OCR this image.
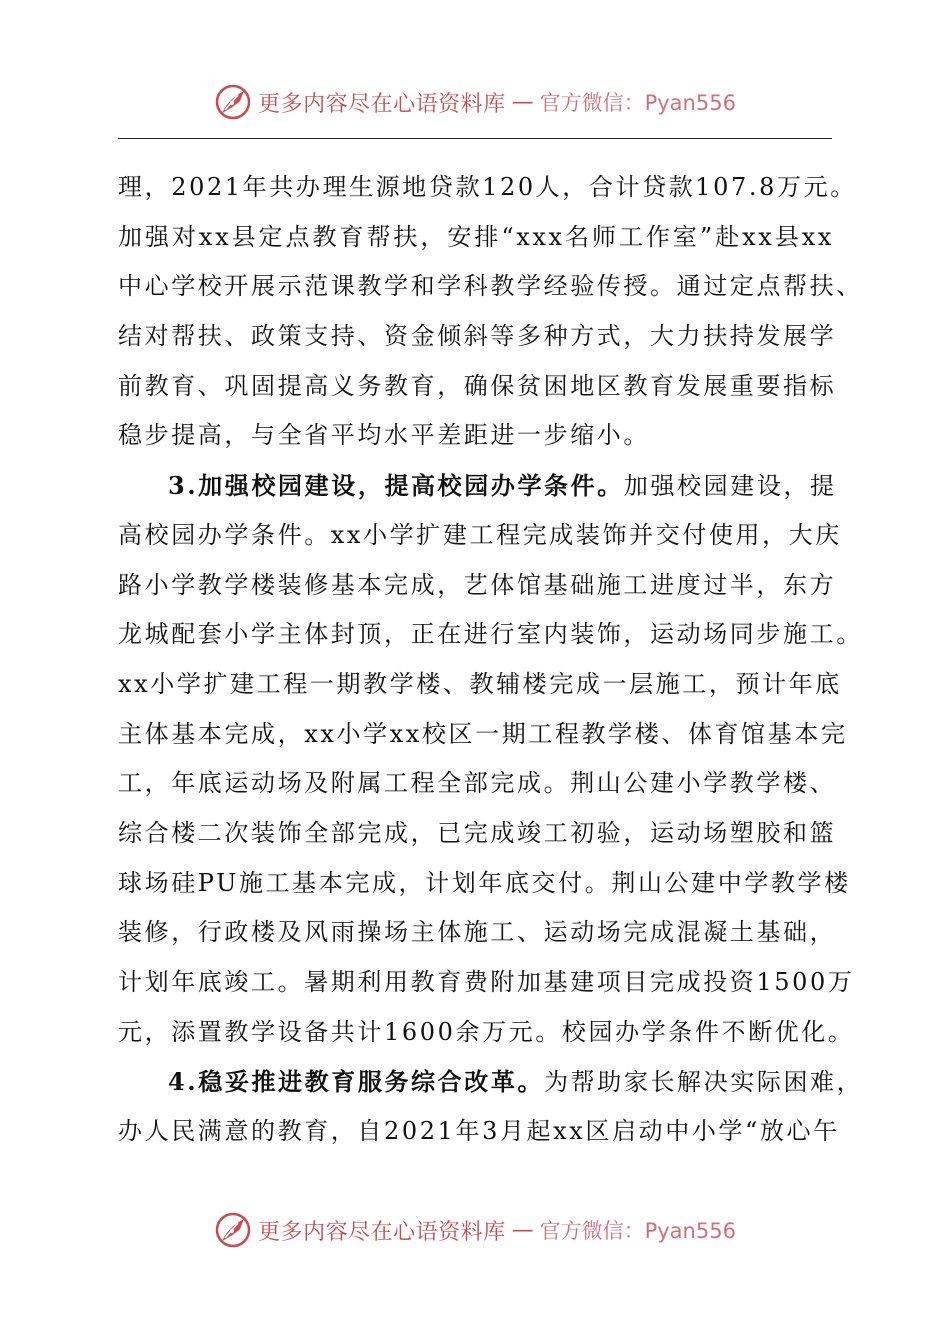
更多内容尽在心语资料库 — 官方微信：Pyan556
理，2021年共办理生源地贷款120人，合计贷款107.8万元。
加强对xx县定点教育帮扶，安排“xxx名师工作室”赴xx县xx
中心学校开展示范课教学和学科教学经验传授。通过定点帮扶、
结对帮扶、政策支持、资金倾斜等多种方式，大力扶持发展学
前教育、巩固提高义务教育，确保贫困地区教育发展重要指标
稳步提高，与全省平均水平差距进一步缩小。
3.加强校园建设，提高校园办学条件。加强校园建设，提
高校园办学条件。xx小学扩建工程完成装饰并交付使用，大庆
路小学教学楼装修基本完成，艺体馆基础施工进度过半，东方
龙城配套小学主体封顶，正在进行室内装饰，运动场同步施工。
xx小学扩建工程一期教学楼、教辅楼完成一层施工，预计年底
主体基本完成，xx小学xx校区一期工程教学楼、体育馆基本完
工，年底运动场及附属工程全部完成。荆山公建小学教学楼、
综合楼二次装饰全部完成，已完成竣工初验，运动场塑胶和篮
球场硅PU施工基本完成，计划年底交付。荆山公建中学教学楼
装修，行政楼及风雨操场主体施工、运动场完成混凝土基础，
计划年底竣工。暑期利用教育费附加基建项目完成投资1500万
元，添置教学设备共计1600余万元。校园办学条件不断优化。
4.稳妥推进教育服务综合改革。为帮助家长解决实际困难，
办人民满意的教育，自2021年3月起xx区启动中小学“放心午
更多内容尽在心语资料库 — 官方微信：Pyan556
